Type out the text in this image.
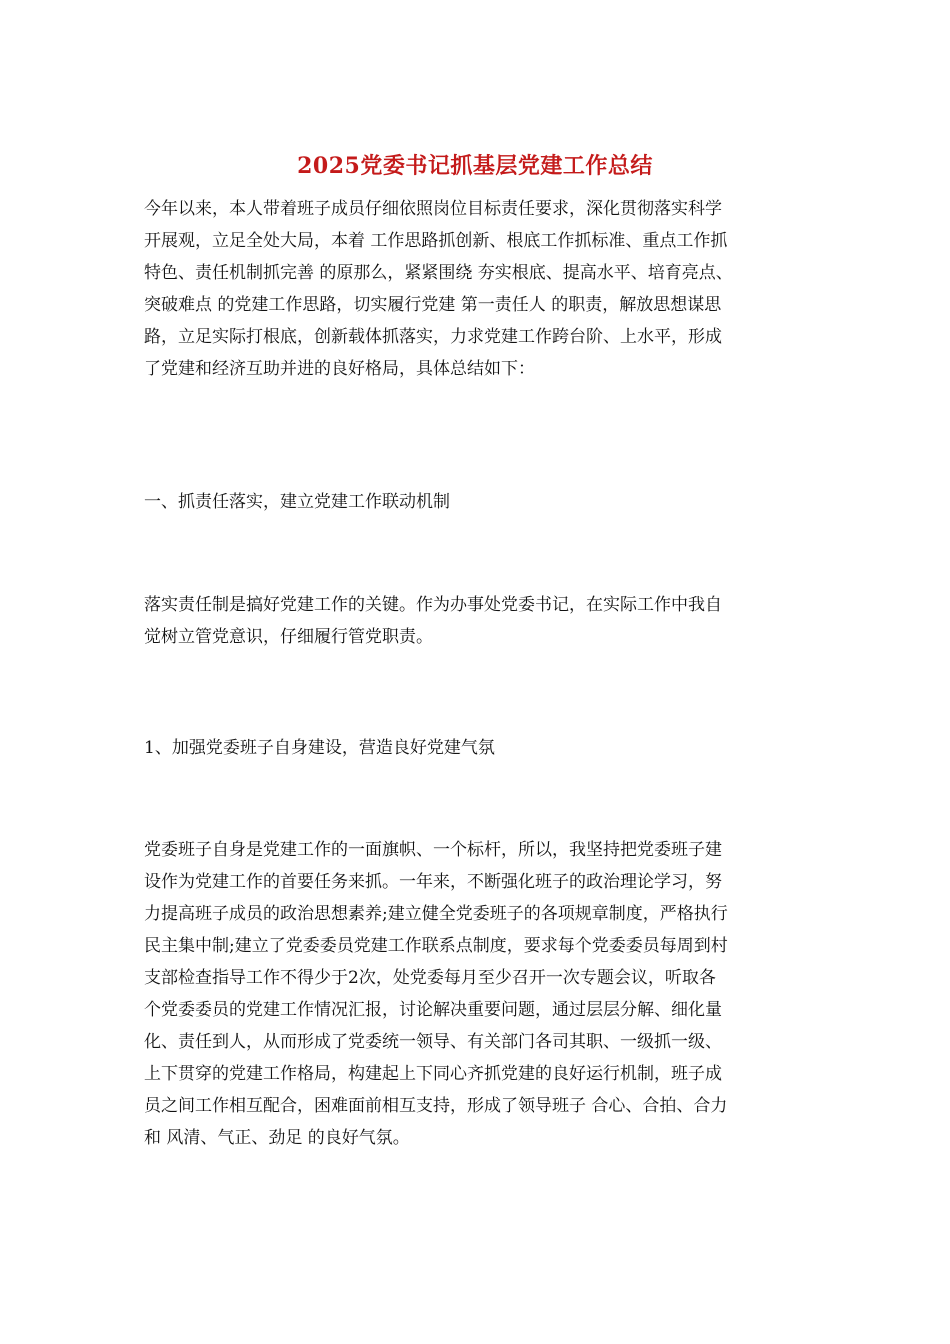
2025党委书记抓基层党建工作总结
今年以来，本人带着班子成员仔细依照岗位目标责任要求，深化贯彻落实科学
开展观，立足全处大局，本着 工作思路抓创新、根底工作抓标准、重点工作抓
特色、责任机制抓完善 的原那么，紧紧围绕 夯实根底、提高水平、培育亮点、
突破难点 的党建工作思路，切实履行党建 第一责任人 的职责，解放思想谋思
路，立足实际打根底，创新载体抓落实，力求党建工作跨台阶、上水平，形成
了党建和经济互助并进的良好格局，具体总结如下：
一、抓责任落实，建立党建工作联动机制
落实责任制是搞好党建工作的关键。作为办事处党委书记，在实际工作中我自
觉树立管党意识，仔细履行管党职责。
1、加强党委班子自身建设，营造良好党建气氛
党委班子自身是党建工作的一面旗帜、一个标杆，所以，我坚持把党委班子建
设作为党建工作的首要任务来抓。一年来，不断强化班子的政治理论学习，努
力提高班子成员的政治思想素养;建立健全党委班子的各项规章制度，严格执行
民主集中制;建立了党委委员党建工作联系点制度，要求每个党委委员每周到村
支部检查指导工作不得少于2次，处党委每月至少召开一次专题会议，听取各
个党委委员的党建工作情况汇报，讨论解决重要问题，通过层层分解、细化量
化、责任到人，从而形成了党委统一领导、有关部门各司其职、一级抓一级、
上下贯穿的党建工作格局，构建起上下同心齐抓党建的良好运行机制，班子成
员之间工作相互配合，困难面前相互支持，形成了领导班子 合心、合拍、合力
和 风清、气正、劲足 的良好气氛。
